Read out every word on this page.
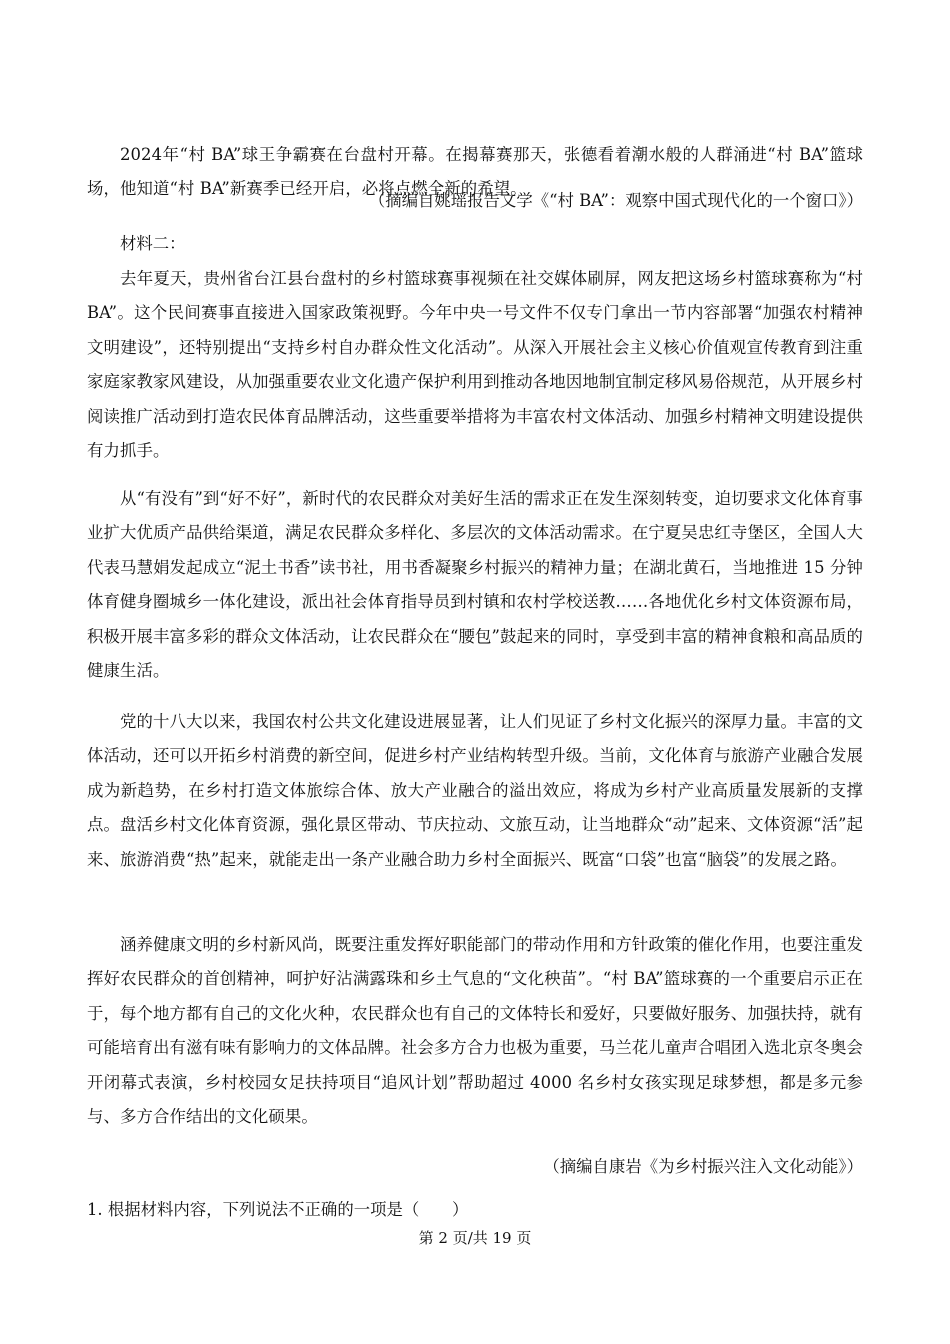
2024年“村 BA”球王争霸赛在台盘村开幕。在揭幕赛那天，张德看着潮水般的人群涌进“村 BA”篮球场，他知道“村 BA”新赛季已经开启，必将点燃全新的希望。

（摘编自姚瑶报告文学《“村 BA”：观察中国式现代化的一个窗口》）

材料二：

去年夏天，贵州省台江县台盘村的乡村篮球赛事视频在社交媒体刷屏，网友把这场乡村篮球赛称为“村BA”。这个民间赛事直接进入国家政策视野。今年中央一号文件不仅专门拿出一节内容部署“加强农村精神文明建设”，还特别提出“支持乡村自办群众性文化活动”。从深入开展社会主义核心价值观宣传教育到注重家庭家教家风建设，从加强重要农业文化遗产保护利用到推动各地因地制宜制定移风易俗规范，从开展乡村阅读推广活动到打造农民体育品牌活动，这些重要举措将为丰富农村文体活动、加强乡村精神文明建设提供有力抓手。

从“有没有”到“好不好”，新时代的农民群众对美好生活的需求正在发生深刻转变，迫切要求文化体育事业扩大优质产品供给渠道，满足农民群众多样化、多层次的文体活动需求。在宁夏吴忠红寺堡区，全国人大代表马慧娟发起成立“泥土书香”读书社，用书香凝聚乡村振兴的精神力量；在湖北黄石，当地推进 15 分钟体育健身圈城乡一体化建设，派出社会体育指导员到村镇和农村学校送教……各地优化乡村文体资源布局，积极开展丰富多彩的群众文体活动，让农民群众在“腰包”鼓起来的同时，享受到丰富的精神食粮和高品质的健康生活。

党的十八大以来，我国农村公共文化建设进展显著，让人们见证了乡村文化振兴的深厚力量。丰富的文体活动，还可以开拓乡村消费的新空间，促进乡村产业结构转型升级。当前，文化体育与旅游产业融合发展成为新趋势，在乡村打造文体旅综合体、放大产业融合的溢出效应，将成为乡村产业高质量发展新的支撑点。盘活乡村文化体育资源，强化景区带动、节庆拉动、文旅互动，让当地群众“动”起来、文体资源“活”起来、旅游消费“热”起来，就能走出一条产业融合助力乡村全面振兴、既富“口袋”也富“脑袋”的发展之路。

涵养健康文明的乡村新风尚，既要注重发挥好职能部门的带动作用和方针政策的催化作用，也要注重发挥好农民群众的首创精神，呵护好沾满露珠和乡土气息的“文化秧苗”。“村 BA”篮球赛的一个重要启示正在于，每个地方都有自己的文化火种，农民群众也有自己的文体特长和爱好，只要做好服务、加强扶持，就有可能培育出有滋有味有影响力的文体品牌。社会多方合力也极为重要，马兰花儿童声合唱团入选北京冬奥会开闭幕式表演，乡村校园女足扶持项目“追风计划”帮助超过 4000 名乡村女孩实现足球梦想，都是多元参与、多方合作结出的文化硕果。

（摘编自康岩《为乡村振兴注入文化动能》）

1. 根据材料内容，下列说法不正确的一项是（　　）

第 2 页/共 19 页
